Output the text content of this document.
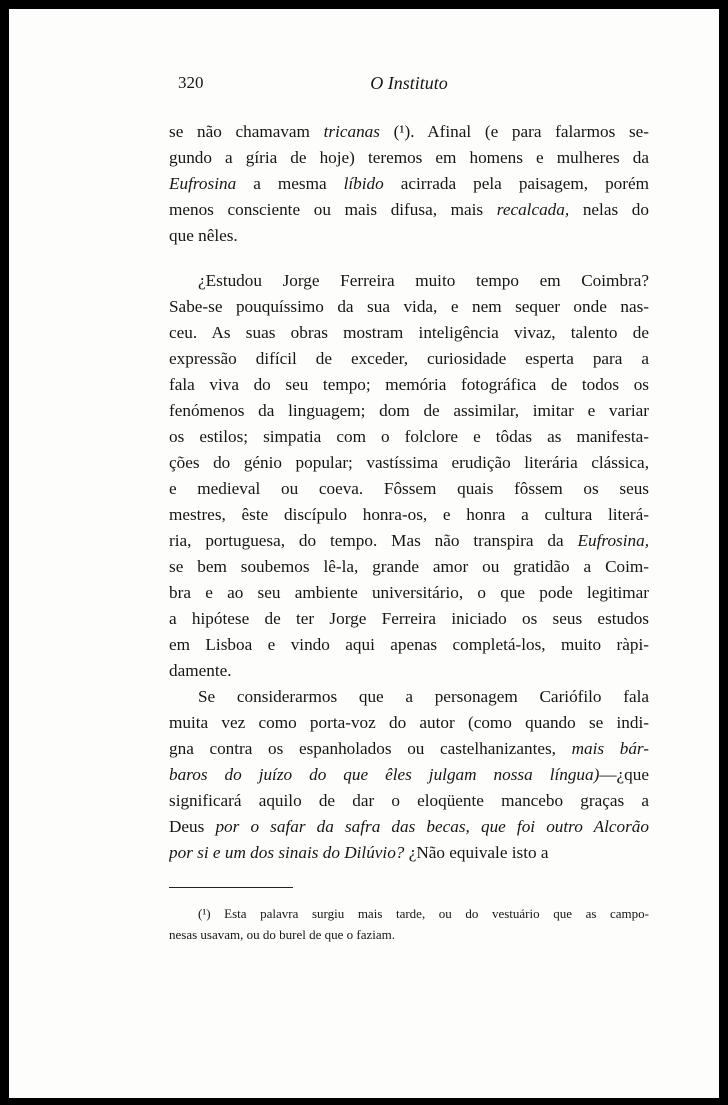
320	O Instituto
se não chamavam tricanas (¹). Afinal (e para falarmos se-
gundo a gíria de hoje) teremos em homens e mulheres da
Eufrosina a mesma líbido acirrada pela paisagem, porém
menos consciente ou mais difusa, mais recalcada, nelas do
que nêles.
¿Estudou Jorge Ferreira muito tempo em Coimbra?
Sabe-se pouquíssimo da sua vida, e nem sequer onde nas-
ceu. As suas obras mostram inteligência vivaz, talento de
expressão difícil de exceder, curiosidade esperta para a
fala viva do seu tempo; memória fotográfica de todos os
fenómenos da linguagem; dom de assimilar, imitar e variar
os estilos; simpatia com o folclore e tôdas as manifesta-
ções do génio popular; vastíssima erudição literária clássica,
e medieval ou coeva. Fôssem quais fôssem os seus
mestres, êste discípulo honra-os, e honra a cultura literá-
ria, portuguesa, do tempo. Mas não transpira da Eufrosina,
se bem soubemos lê-la, grande amor ou gratidão a Coim-
bra e ao seu ambiente universitário, o que pode legitimar
a hipótese de ter Jorge Ferreira iniciado os seus estudos
em Lisboa e vindo aqui apenas completá-los, muito ràpi-
damente.
Se considerarmos que a personagem Cariófilo fala
muita vez como porta-voz do autor (como quando se indi-
gna contra os espanholados ou castelhanizantes, mais bár-
baros do juízo do que êles julgam nossa língua)—¿que
significará aquilo de dar o eloqüente mancebo graças a
Deus por o safar da safra das becas, que foi outro Alcorão
por si e um dos sinais do Dilúvio? ¿Não equivale isto a
(¹) Esta palavra surgiu mais tarde, ou do vestuário que as campo-
nesas usavam, ou do burel de que o faziam.
